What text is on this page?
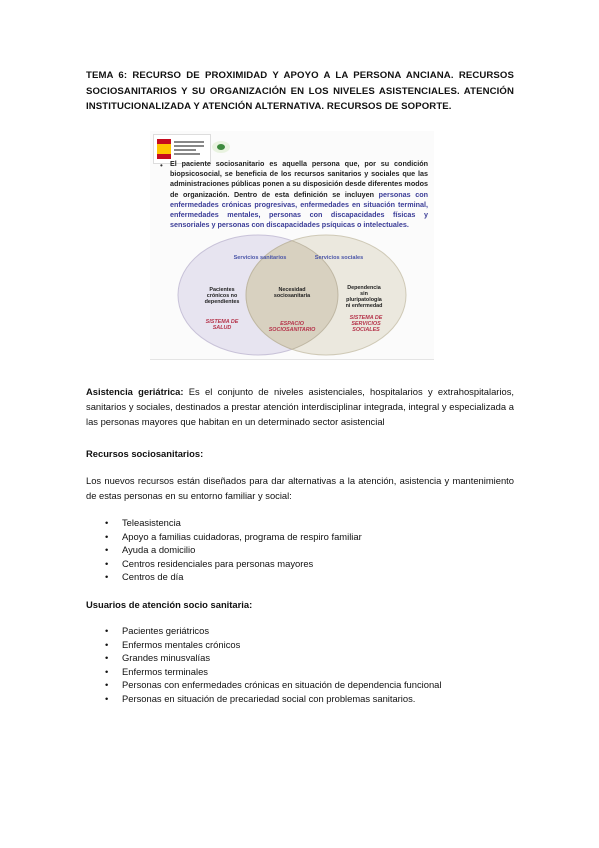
TEMA 6: RECURSO DE PROXIMIDAD Y APOYO A LA PERSONA ANCIANA. RECURSOS SOCIOSANITARIOS Y SU ORGANIZACIÓN EN LOS NIVELES ASISTENCIALES. ATENCIÓN INSTITUCIONALIZADA Y ATENCIÓN ALTERNATIVA. RECURSOS DE SOPORTE.
• El paciente sociosanitario es aquella persona que, por su condición biopsicosocial, se beneficia de los recursos sanitarios y sociales que las administraciones públicas ponen a su disposición desde diferentes modos de organización. Dentro de esta definición se incluyen personas con enfermedades crónicas progresivas, enfermedades en situación terminal, enfermedades mentales, personas con discapacidades físicas y sensoriales y personas con discapacidades psíquicas o intelectuales.
Servicios sanitarios	Servicios sociales
Pacientes
crónicos no
dependientes
Necesidad
sociosanitaria
Dependencia
sin
pluripatología
ni enfermedad
SISTEMA DE
SALUD
ESPACIO
SOCIOSANITARIO
SISTEMA DE
SERVICIOS
SOCIALES
Asistencia geriátrica: Es el conjunto de niveles asistenciales, hospitalarios y extrahospitalarios, sanitarios y sociales, destinados a prestar atención interdisciplinar integrada, integral y especializada a las personas mayores que habitan en un determinado sector asistencial
Recursos sociosanitarios:
Los nuevos recursos están diseñados para dar alternativas a la atención, asistencia y mantenimiento de estas personas en su entorno familiar y social:
• Teleasistencia
• Apoyo a familias cuidadoras, programa de respiro familiar
• Ayuda a domicilio
• Centros residenciales para personas mayores
• Centros de día
Usuarios de atención socio sanitaria:
• Pacientes geriátricos
• Enfermos mentales crónicos
• Grandes minusvalías
• Enfermos terminales
• Personas con enfermedades crónicas en situación de dependencia funcional
• Personas en situación de precariedad social con problemas sanitarios.
